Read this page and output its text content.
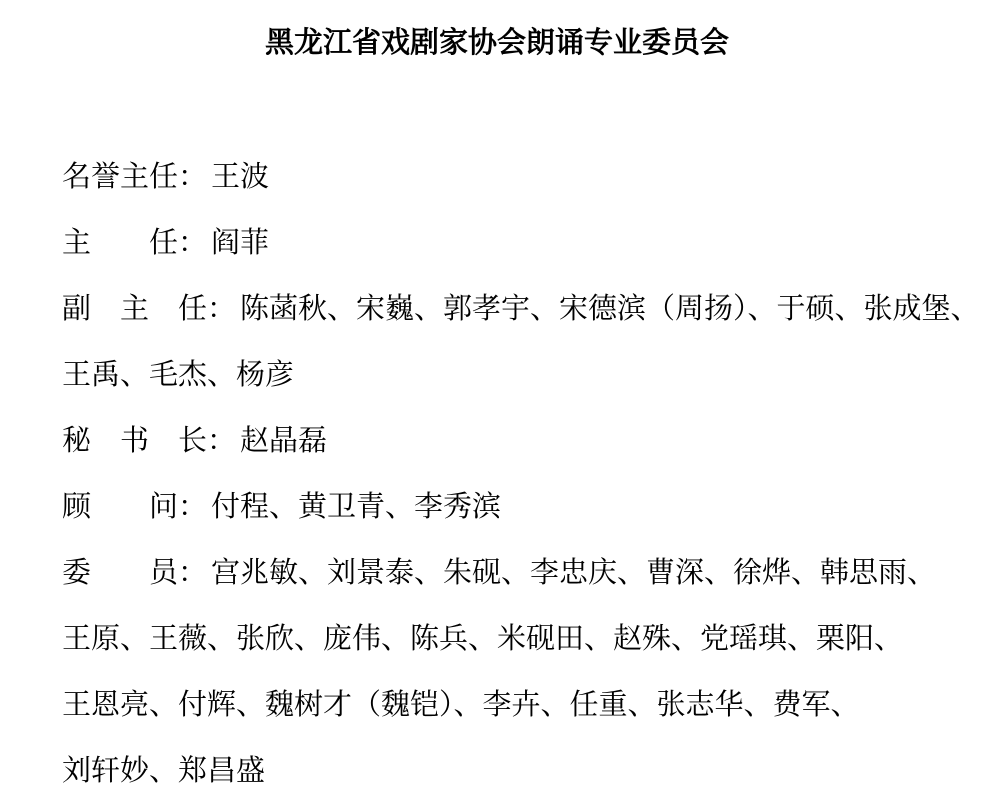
黑龙江省戏剧家协会朗诵专业委员会
名誉主任： 王波
主　　任： 阎菲
副　主　任： 陈菡秋、宋巍、郭孝宇、宋德滨（周扬）、于硕、张成堡、
王禹、毛杰、杨彦
秘　书　长： 赵晶磊
顾　　问： 付程、黄卫青、李秀滨
委　　员： 宫兆敏、刘景泰、朱砚、李忠庆、曹深、徐烨、韩思雨、
王原、王薇、张欣、庞伟、陈兵、米砚田、赵殊、党瑶琪、栗阳、
王恩亮、付辉、魏树才（魏铠）、李卉、任重、张志华、费军、
刘轩妙、郑昌盛
